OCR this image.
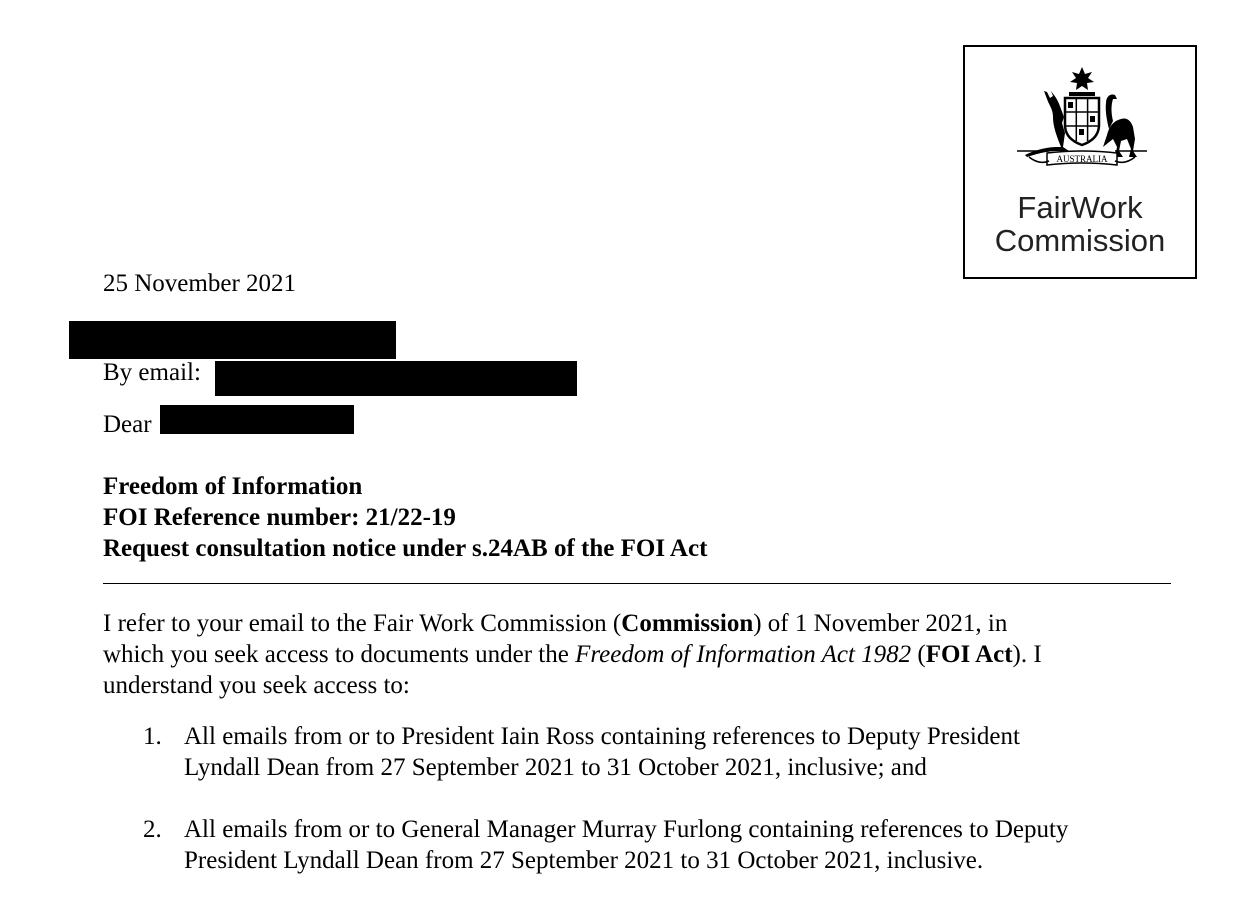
AUSTRALIA
FairWork
Commission
25 November 2021
By email:
Dear
Freedom of Information
FOI Reference number: 21/22-19
Request consultation notice under s.24AB of the FOI Act
I refer to your email to the Fair Work Commission (Commission) of 1 November 2021, in
which you seek access to documents under the Freedom of Information Act 1982 (FOI Act). I
understand you seek access to:
1. All emails from or to President Iain Ross containing references to Deputy President
Lyndall Dean from 27 September 2021 to 31 October 2021, inclusive; and
2. All emails from or to General Manager Murray Furlong containing references to Deputy
President Lyndall Dean from 27 September 2021 to 31 October 2021, inclusive.
